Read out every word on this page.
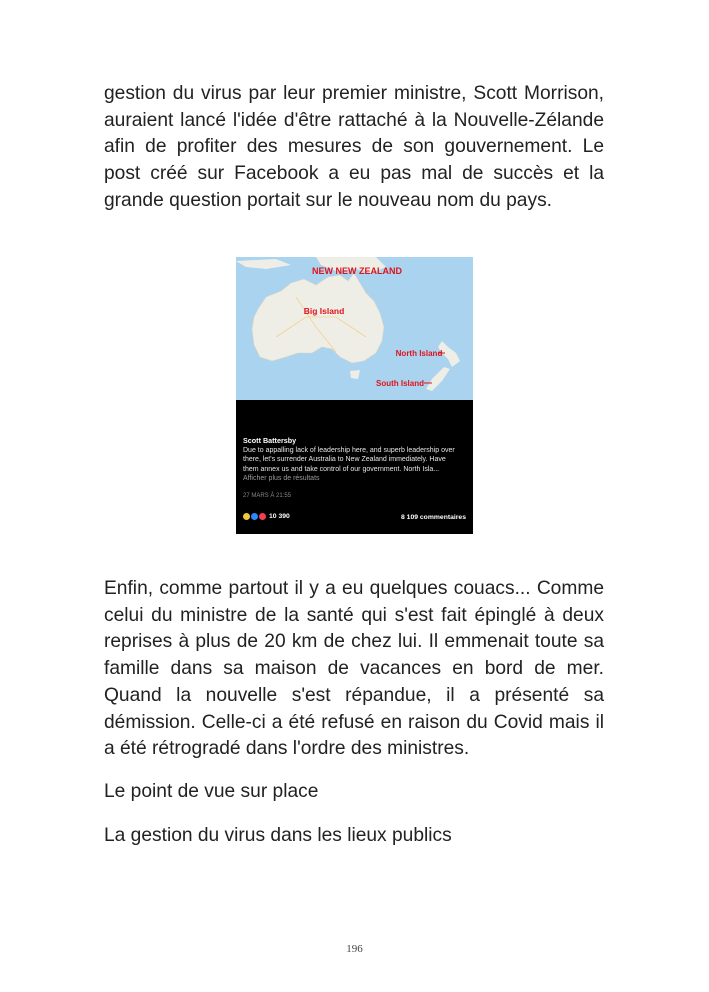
gestion du virus par leur premier ministre, Scott Morrison, auraient lancé l'idée d'être rattaché à la Nouvelle-Zélande afin de profiter des mesures de son gouvernement. Le post créé sur Facebook a eu pas mal de succès et la grande question portait sur le nouveau nom du pays.

NEW NEW ZEALAND
Big Island
North Island
South Island
Scott Battersby

Due to appalling lack of leadership here, and superb leadership over there, let's surrender Australia to New Zealand immediately. Have them annex us and take control of our government. North Isla... Afficher plus de résultats

27 MARS À 21:55
10 390	8 109 commentaires

Enfin, comme partout il y a eu quelques couacs... Comme celui du ministre de la santé qui s'est fait épinglé à deux reprises à plus de 20 km de chez lui. Il emmenait toute sa famille dans sa maison de vacances en bord de mer. Quand la nouvelle s'est répandue, il a présenté sa démission. Celle-ci a été refusé en raison du Covid mais il a été rétrogradé dans l'ordre des ministres.

Le point de vue sur place

La gestion du virus dans les lieux publics

196
